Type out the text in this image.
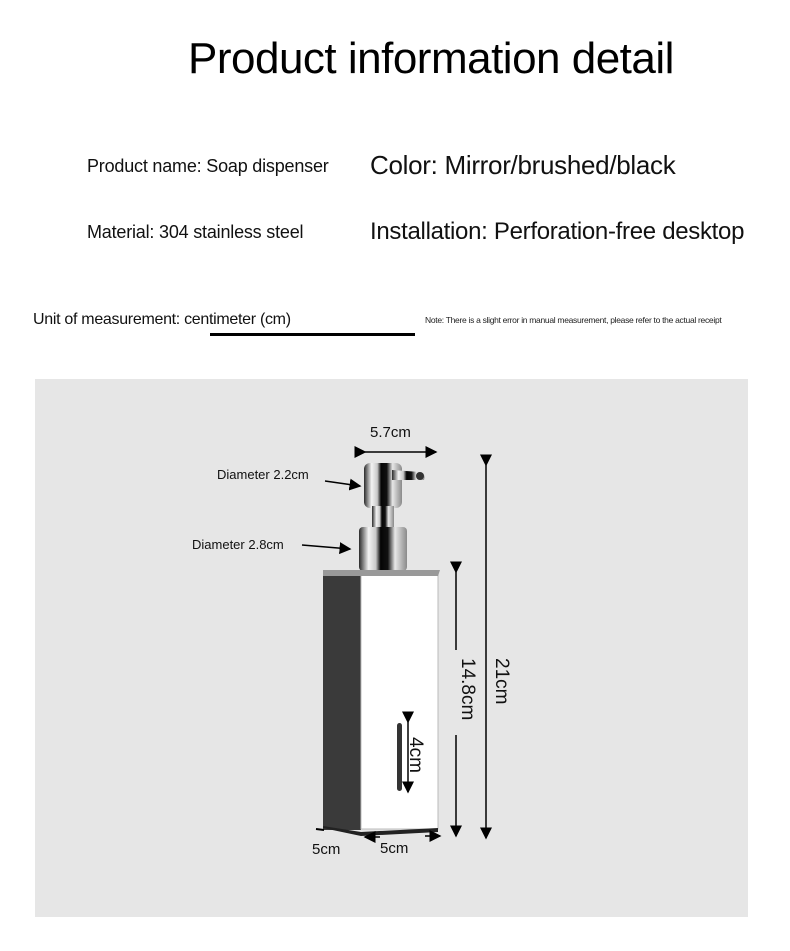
Product information detail
Product name: Soap dispenser Color: Mirror/brushed/black
Material: 304 stainless steel	Installation: Perforation-free desktop
Unit of measurement: centimeter (cm)	Note: There is a slight error in manual measurement, please refer to the actual receipt
5.7cm
Diameter 2.2cm
Diameter 2.8cm
14.8cm 21cm
4cm
5cm	5cm
